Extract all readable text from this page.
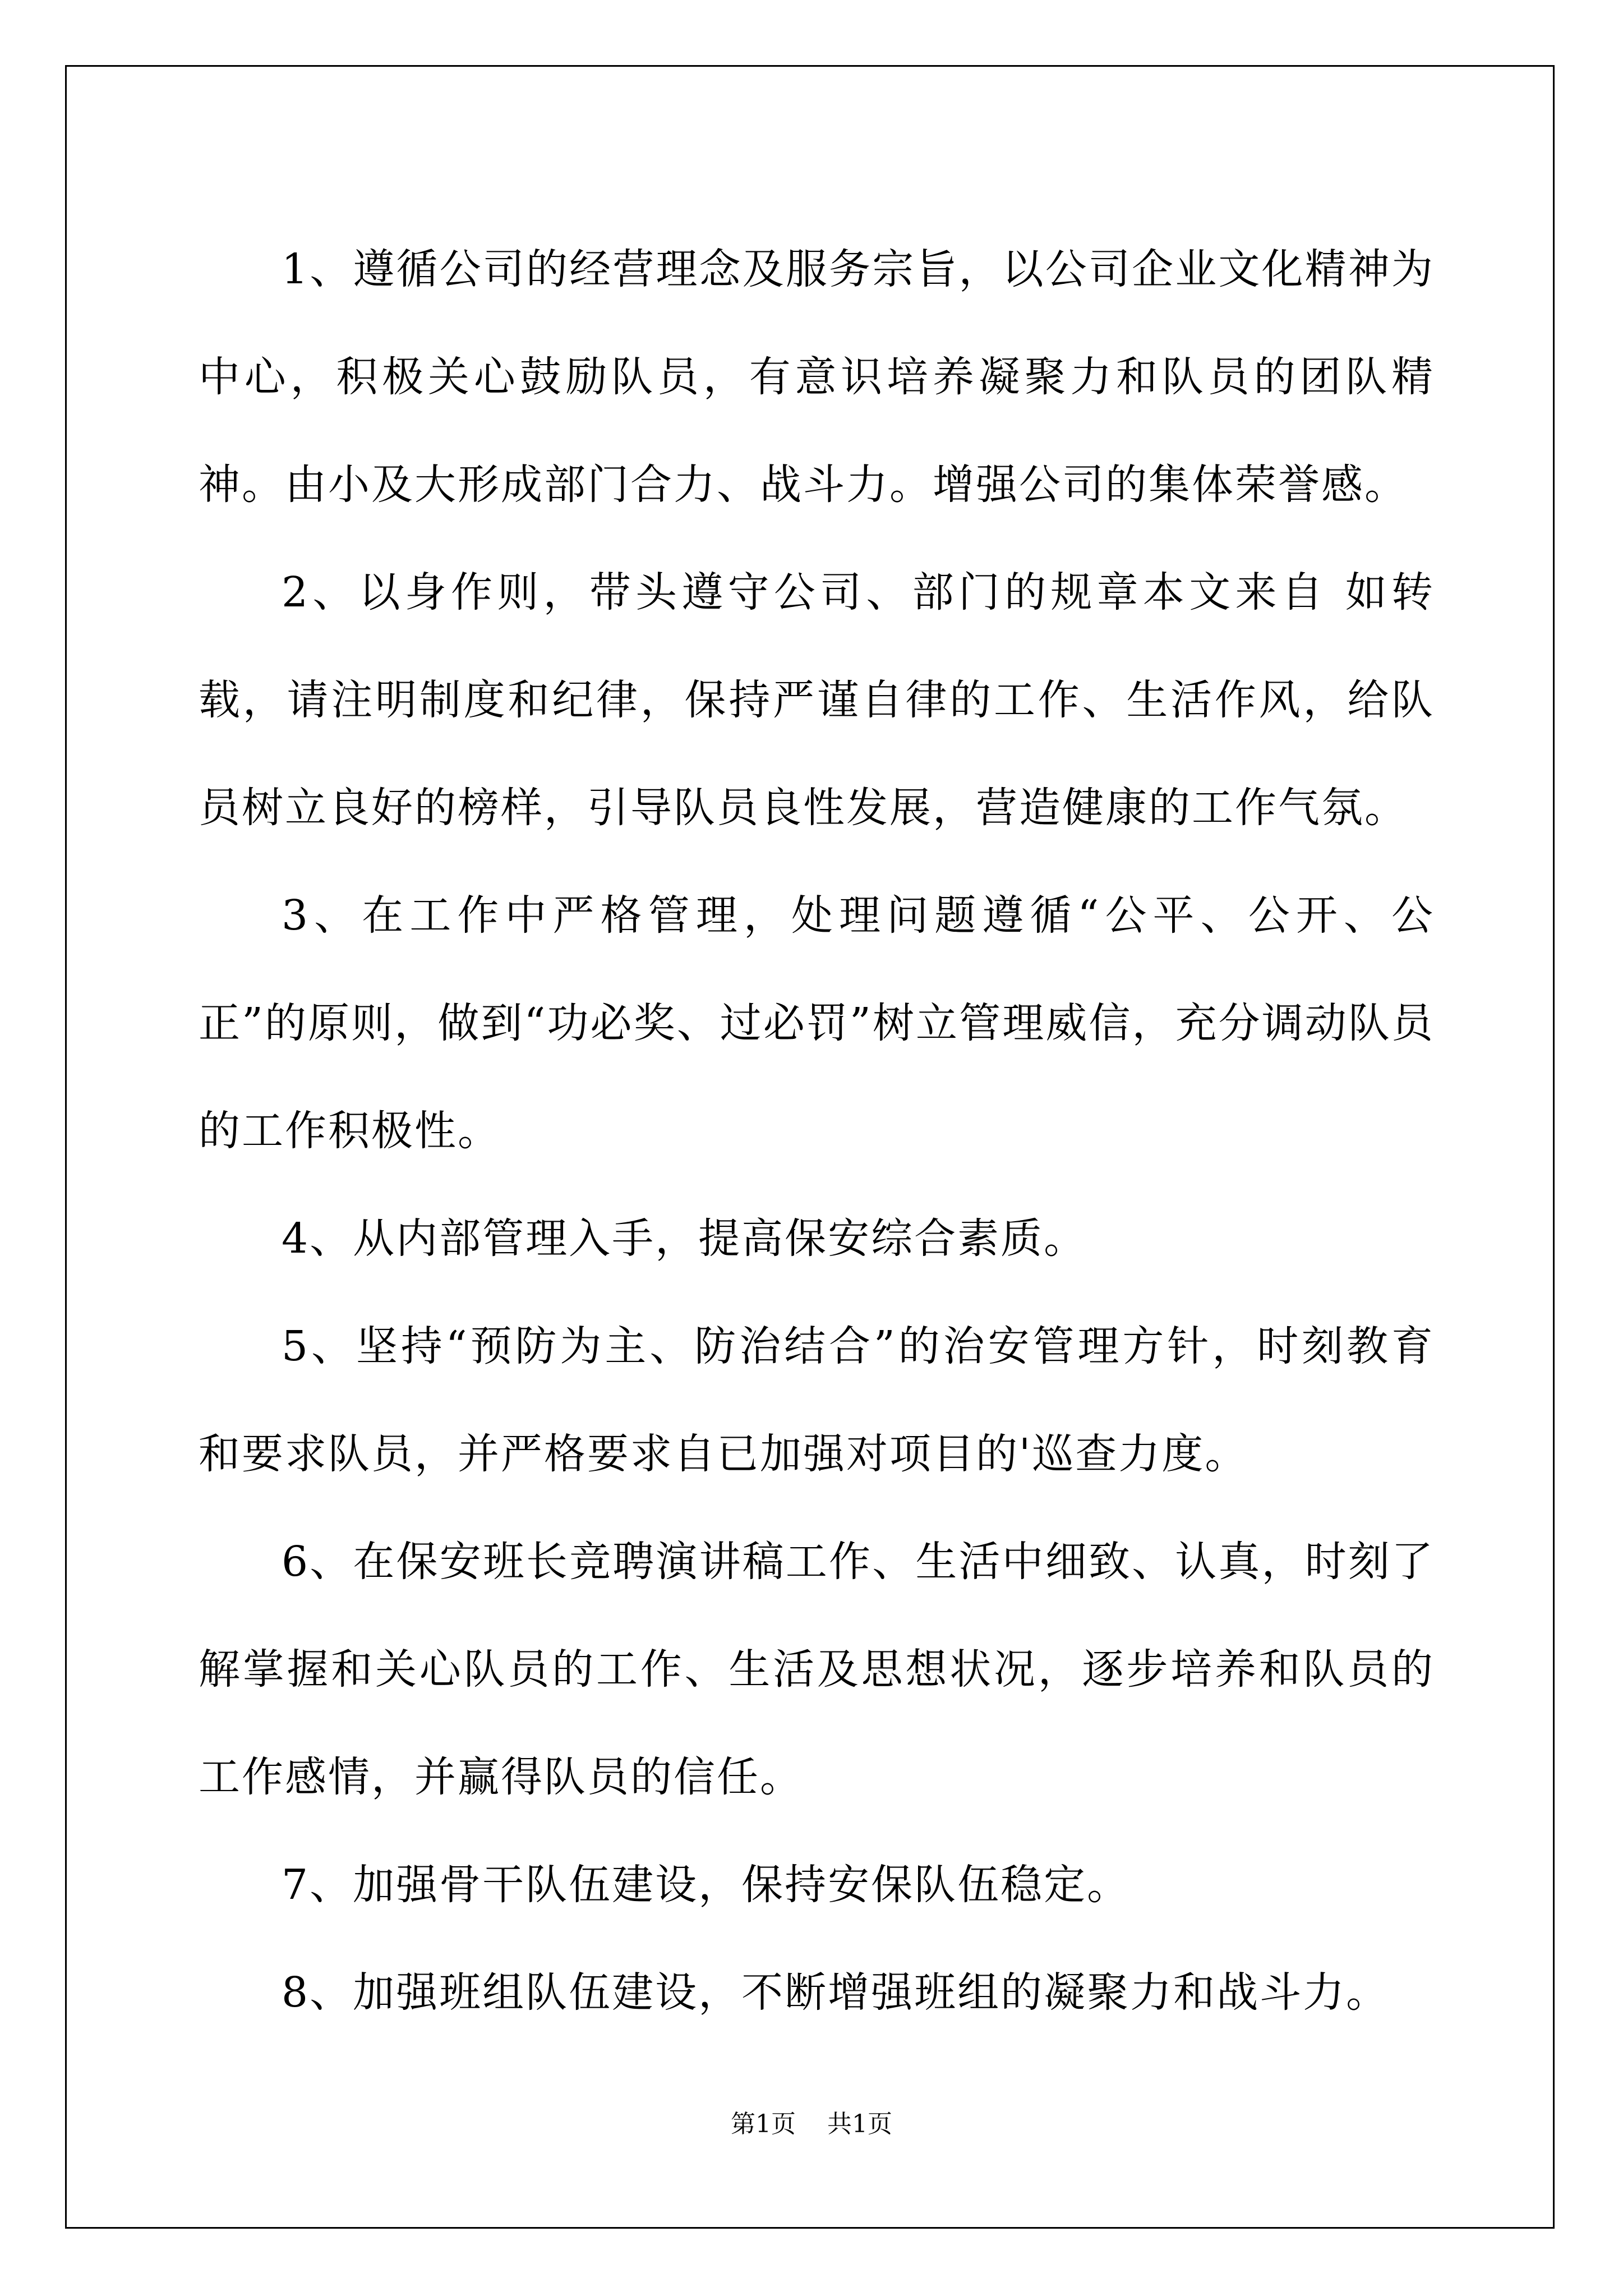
1、遵循公司的经营理念及服务宗旨，以公司企业文化精神为中心，积极关心鼓励队员，有意识培养凝聚力和队员的团队精神。由小及大形成部门合力、战斗力。增强公司的集体荣誉感。

2、以身作则，带头遵守公司、部门的规章本文来自 如转载，请注明制度和纪律，保持严谨自律的工作、生活作风，给队员树立良好的榜样，引导队员良性发展，营造健康的工作气氛。

3、在工作中严格管理，处理问题遵循“公平、公开、公正”的原则，做到“功必奖、过必罚”树立管理威信，充分调动队员的工作积极性。

4、从内部管理入手，提高保安综合素质。

5、坚持“预防为主、防治结合”的治安管理方针，时刻教育和要求队员，并严格要求自已加强对项目的'巡查力度。

6、在保安班长竞聘演讲稿工作、生活中细致、认真，时刻了解掌握和关心队员的工作、生活及思想状况，逐步培养和队员的工作感情，并赢得队员的信任。

7、加强骨干队伍建设，保持安保队伍稳定。

8、加强班组队伍建设，不断增强班组的凝聚力和战斗力。

第1页 共1页
